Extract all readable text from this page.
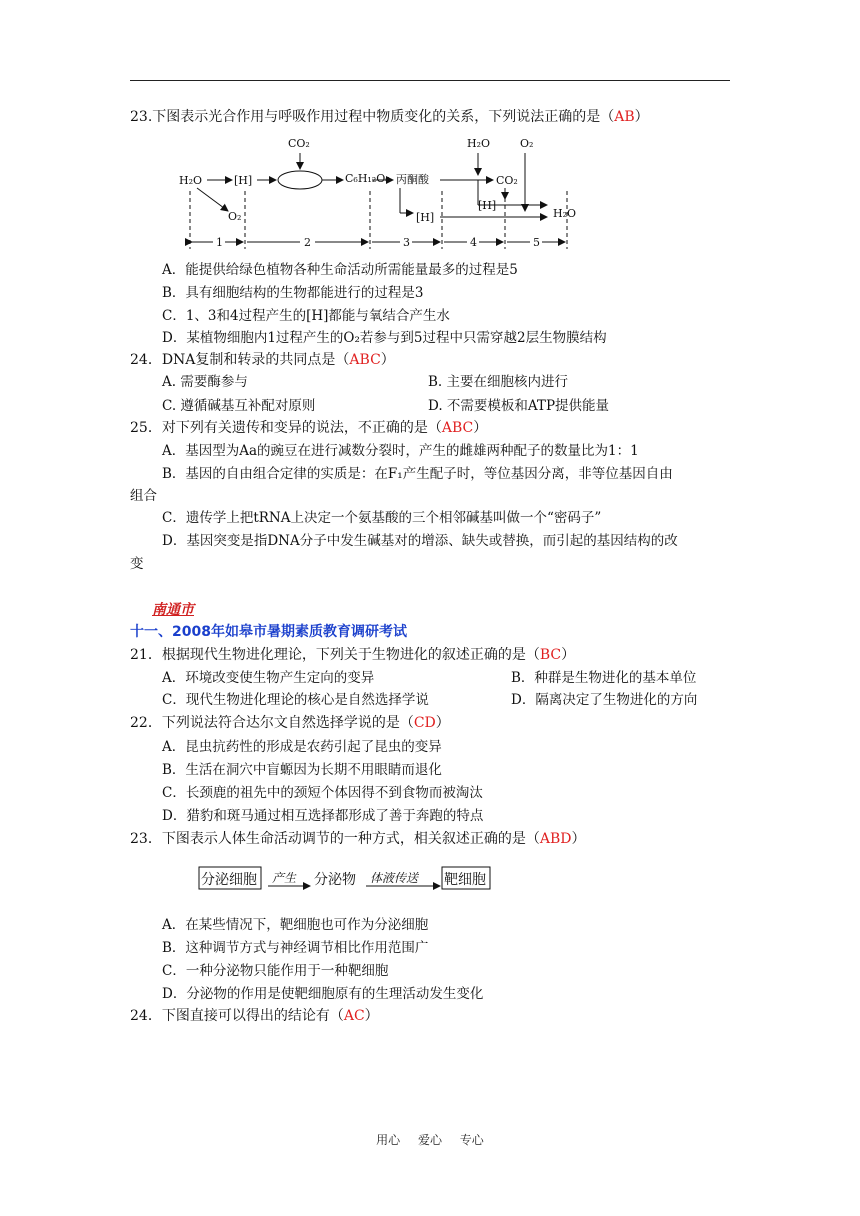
23.下图表示光合作用与呼吸作用过程中物质变化的关系，下列说法正确的是（AB）
CO₂
H₂O	[H]	C₆H₁₂O₆ 丙酮酸
H₂O	O₂
CO₂
O₂
[H]
[H]	H₂O
1	2	3	4	5
A．能提供给绿色植物各种生命活动所需能量最多的过程是5
B．具有细胞结构的生物都能进行的过程是3
C．1、3和4过程产生的[H]都能与氧结合产生水
D．某植物细胞内1过程产生的O₂若参与到5过程中只需穿越2层生物膜结构
24．DNA复制和转录的共同点是（ABC）
A. 需要酶参与	B. 主要在细胞核内进行
C. 遵循碱基互补配对原则	D. 不需要模板和ATP提供能量
25．对下列有关遗传和变异的说法，不正确的是（ABC）
A．基因型为Aa的豌豆在进行减数分裂时，产生的雌雄两种配子的数量比为1：1
B．基因的自由组合定律的实质是：在F₁产生配子时，等位基因分离，非等位基因自由
组合
C．遗传学上把tRNA上决定一个氨基酸的三个相邻碱基叫做一个“密码子”
D．基因突变是指DNA分子中发生碱基对的增添、缺失或替换，而引起的基因结构的改
变
南通市
十一、2008年如皋市暑期素质教育调研考试
21．根据现代生物进化理论，下列关于生物进化的叙述正确的是（BC）
A．环境改变使生物产生定向的变异	B．种群是生物进化的基本单位
C．现代生物进化理论的核心是自然选择学说	D．隔离决定了生物进化的方向
22．下列说法符合达尔文自然选择学说的是（CD）
A．昆虫抗药性的形成是农药引起了昆虫的变异
B．生活在洞穴中盲螈因为长期不用眼睛而退化
C．长颈鹿的祖先中的颈短个体因得不到食物而被淘汰
D．猎豹和斑马通过相互选择都形成了善于奔跑的特点
23．下图表示人体生命活动调节的一种方式，相关叙述正确的是（ABD）
分泌细胞 产生 分泌物 体液传送 靶细胞
A．在某些情况下，靶细胞也可作为分泌细胞
B．这种调节方式与神经调节相比作用范围广
C．一种分泌物只能作用于一种靶细胞
D．分泌物的作用是使靶细胞原有的生理活动发生变化
24．下图直接可以得出的结论有（AC）
用心 爱心 专心
